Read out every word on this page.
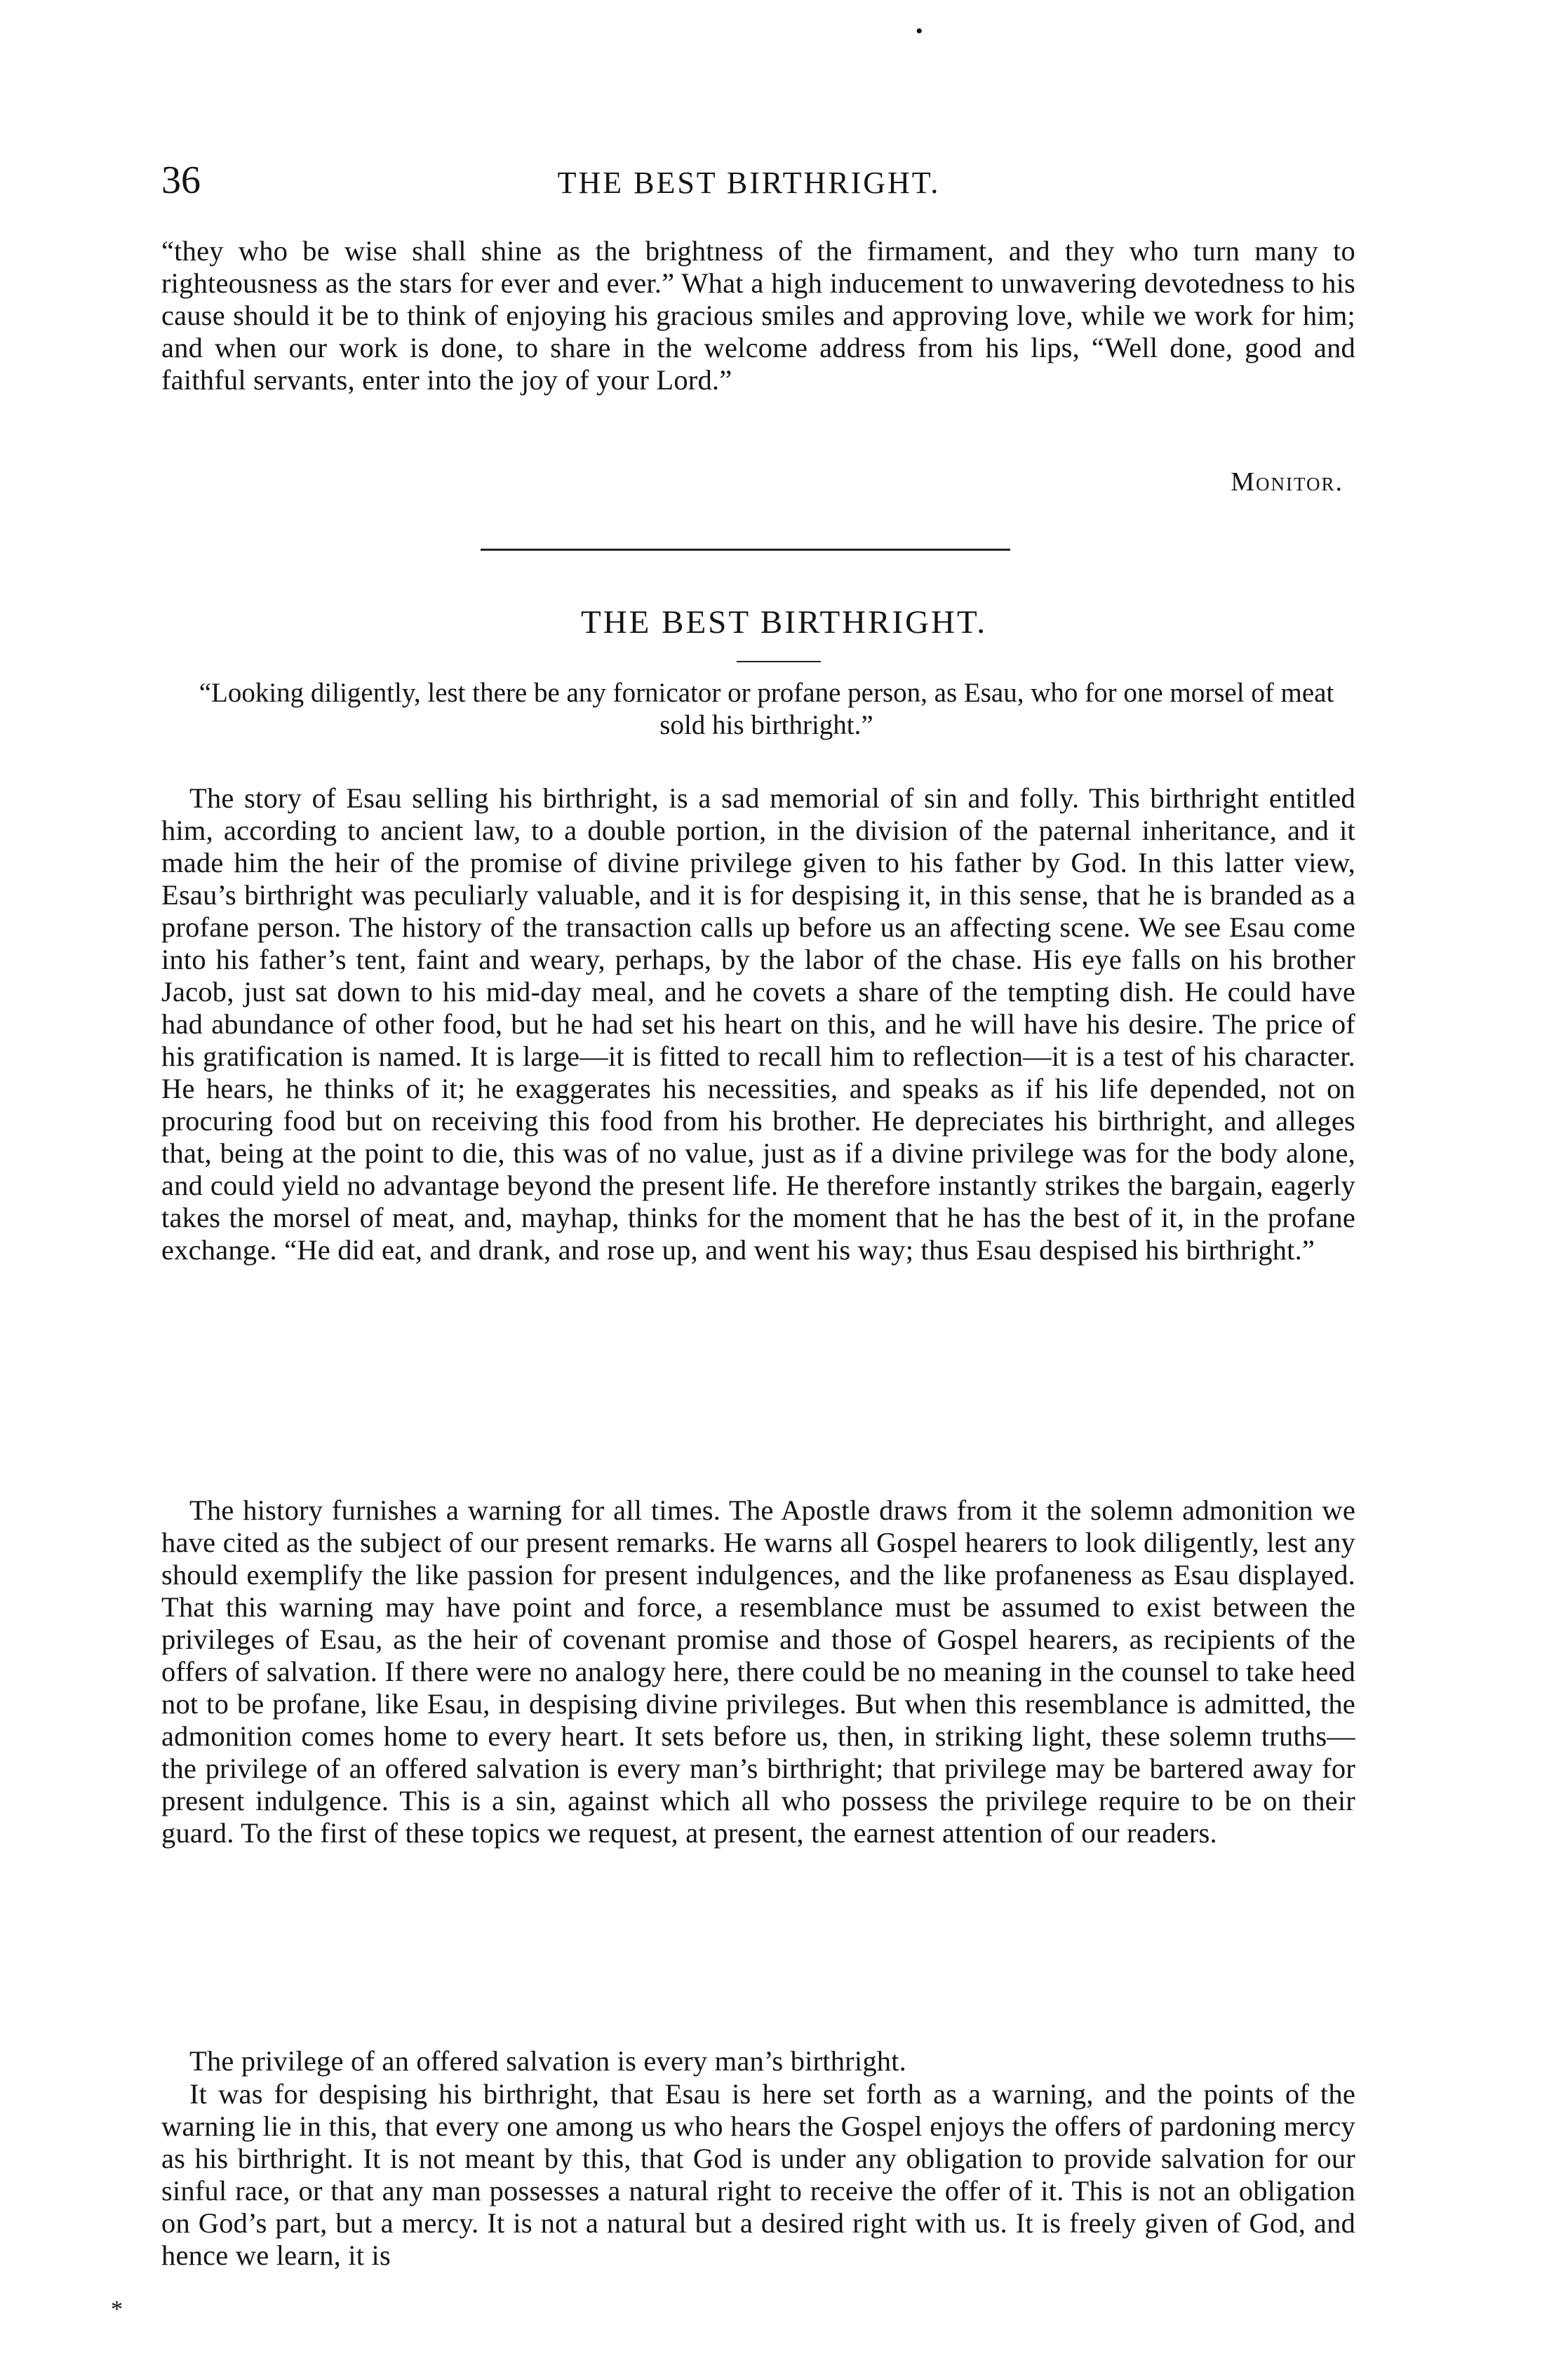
•
36	THE BEST BIRTHRIGHT.

“they who be wise shall shine as the brightness of the firmament, and they who turn many to righteousness as the stars for ever and ever.” What a high inducement to unwavering devotedness to his cause should it be to think of enjoying his gracious smiles and approving love, while we work for him; and when our work is done, to share in the welcome address from his lips, “Well done, good and faithful servants, enter into the joy of your Lord.”

Monitor.
THE BEST BIRTHRIGHT.

“Looking diligently, lest there be any fornicator or profane person, as Esau, who for one morsel of meat sold his birthright.”

The story of Esau selling his birthright, is a sad memorial of sin and folly. This birthright entitled him, according to ancient law, to a double portion, in the division of the paternal inheritance, and it made him the heir of the promise of divine privilege given to his father by God. In this latter view, Esau’s birthright was peculiarly valuable, and it is for despising it, in this sense, that he is branded as a profane person. The history of the transaction calls up before us an affecting scene. We see Esau come into his father’s tent, faint and weary, perhaps, by the labor of the chase. His eye falls on his brother Jacob, just sat down to his mid-day meal, and he covets a share of the tempting dish. He could have had abundance of other food, but he had set his heart on this, and he will have his desire. The price of his gratification is named. It is large—it is fitted to recall him to reflection—it is a test of his character. He hears, he thinks of it; he exaggerates his necessities, and speaks as if his life depended, not on procuring food but on receiving this food from his brother. He depreciates his birthright, and alleges that, being at the point to die, this was of no value, just as if a divine privilege was for the body alone, and could yield no advantage beyond the present life. He therefore instantly strikes the bargain, eagerly takes the morsel of meat, and, mayhap, thinks for the moment that he has the best of it, in the profane exchange. “He did eat, and drank, and rose up, and went his way; thus Esau despised his birthright.”

The history furnishes a warning for all times. The Apostle draws from it the solemn admonition we have cited as the subject of our present remarks. He warns all Gospel hearers to look diligently, lest any should exemplify the like passion for present indulgences, and the like profaneness as Esau displayed. That this warning may have point and force, a resemblance must be assumed to exist between the privileges of Esau, as the heir of covenant promise and those of Gospel hearers, as recipients of the offers of salvation. If there were no analogy here, there could be no meaning in the counsel to take heed not to be profane, like Esau, in despising divine privileges. But when this resemblance is admitted, the admonition comes home to every heart. It sets before us, then, in striking light, these solemn truths—the privilege of an offered salvation is every man’s birthright; that privilege may be bartered away for present indulgence. This is a sin, against which all who possess the privilege require to be on their guard. To the first of these topics we request, at present, the earnest attention of our readers.

The privilege of an offered salvation is every man’s birthright.

It was for despising his birthright, that Esau is here set forth as a warning, and the points of the warning lie in this, that every one among us who hears the Gospel enjoys the offers of pardoning mercy as his birthright. It is not meant by this, that God is under any obligation to provide salvation for our sinful race, or that any man possesses a natural right to receive the offer of it. This is not an obligation on God’s part, but a mercy. It is not a natural but a desired right with us. It is freely given of God, and hence we learn, it is

*
